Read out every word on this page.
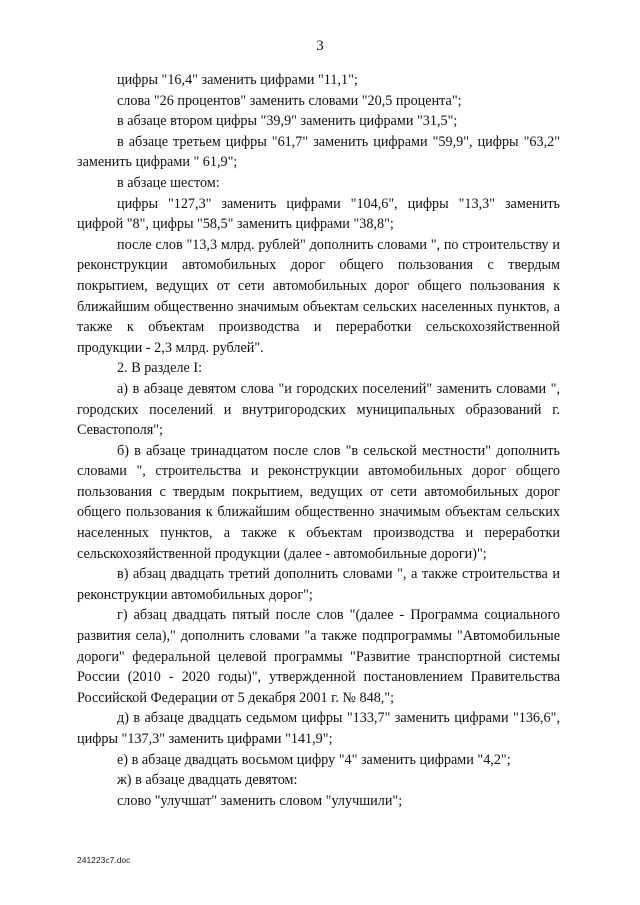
3

цифры "16,4" заменить цифрами "11,1";

слова "26 процентов" заменить словами "20,5 процента";

в абзаце втором цифры "39,9" заменить цифрами "31,5";

в абзаце третьем цифры "61,7" заменить цифрами "59,9", цифры "63,2" заменить цифрами " 61,9";

в абзаце шестом:

цифры "127,3" заменить цифрами "104,6", цифры "13,3" заменить цифрой "8", цифры "58,5" заменить цифрами "38,8";

после слов "13,3 млрд. рублей" дополнить словами ", по строительству и реконструкции автомобильных дорог общего пользования с твердым покрытием, ведущих от сети автомобильных дорог общего пользования к ближайшим общественно значимым объектам сельских населенных пунктов, а также к объектам производства и переработки сельскохозяйственной продукции - 2,3 млрд. рублей".

2. В разделе I:

а) в абзаце девятом слова "и городских поселений" заменить словами ", городских поселений и внутригородских муниципальных образований г. Севастополя";

б) в абзаце тринадцатом после слов "в сельской местности" дополнить словами ", строительства и реконструкции автомобильных дорог общего пользования с твердым покрытием, ведущих от сети автомобильных дорог общего пользования к ближайшим общественно значимым объектам сельских населенных пунктов, а также к объектам производства и переработки сельскохозяйственной продукции (далее - автомобильные дороги)";

в) абзац двадцать третий дополнить словами ", а также строительства и реконструкции автомобильных дорог";

г) абзац двадцать пятый после слов "(далее - Программа социального развития села)," дополнить словами "а также подпрограммы "Автомобильные дороги" федеральной целевой программы "Развитие транспортной системы России (2010 - 2020 годы)", утвержденной постановлением Правительства Российской Федерации от 5 декабря 2001 г. № 848,";

д) в абзаце двадцать седьмом цифры "133,7" заменить цифрами "136,6", цифры "137,3" заменить цифрами "141,9";

е) в абзаце двадцать восьмом цифру "4" заменить цифрами "4,2";

ж) в абзаце двадцать девятом:

слово "улучшат" заменить словом "улучшили";

241223c7.doc
